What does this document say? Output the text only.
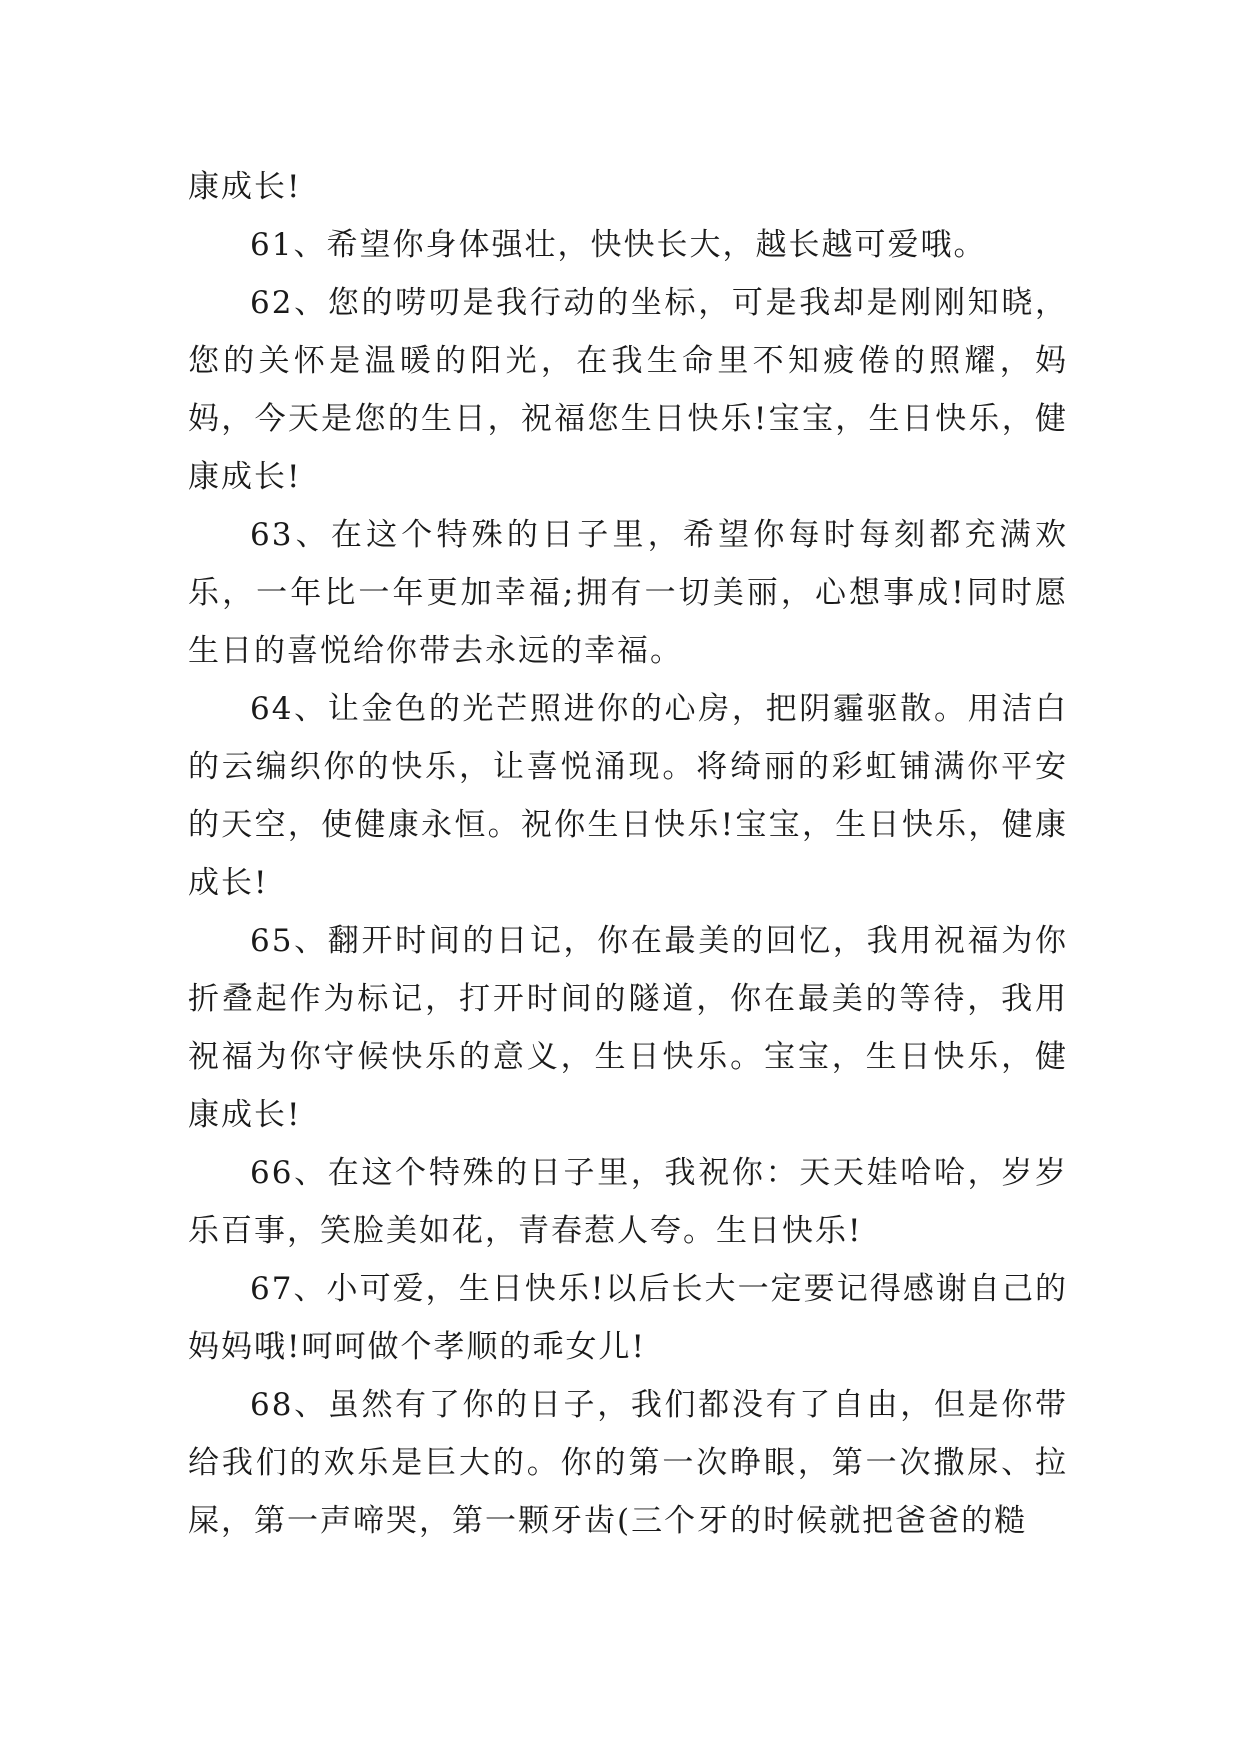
康成长!

61、希望你身体强壮，快快长大，越长越可爱哦。

62、您的唠叨是我行动的坐标，可是我却是刚刚知晓，您的关怀是温暖的阳光，在我生命里不知疲倦的照耀，妈妈，今天是您的生日，祝福您生日快乐!宝宝，生日快乐，健康成长!

63、在这个特殊的日子里，希望你每时每刻都充满欢乐，一年比一年更加幸福;拥有一切美丽，心想事成!同时愿生日的喜悦给你带去永远的幸福。

64、让金色的光芒照进你的心房，把阴霾驱散。用洁白的云编织你的快乐，让喜悦涌现。将绮丽的彩虹铺满你平安的天空，使健康永恒。祝你生日快乐!宝宝，生日快乐，健康成长!

65、翻开时间的日记，你在最美的回忆，我用祝福为你折叠起作为标记，打开时间的隧道，你在最美的等待，我用祝福为你守候快乐的意义，生日快乐。宝宝，生日快乐，健康成长!

66、在这个特殊的日子里，我祝你：天天娃哈哈，岁岁乐百事，笑脸美如花，青春惹人夸。生日快乐!

67、小可爱，生日快乐!以后长大一定要记得感谢自己的妈妈哦!呵呵做个孝顺的乖女儿!

68、虽然有了你的日子，我们都没有了自由，但是你带给我们的欢乐是巨大的。你的第一次睁眼，第一次撒尿、拉屎，第一声啼哭，第一颗牙齿(三个牙的时候就把爸爸的糙
